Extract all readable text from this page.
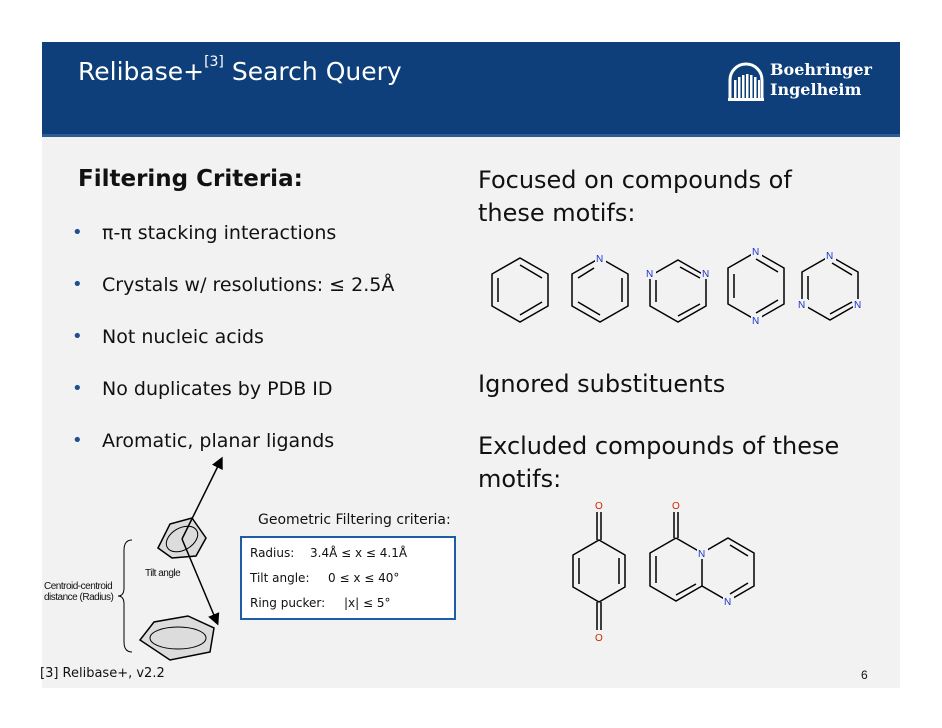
Relibase+[3] Search Query	Boehringer
Ingelheim
Filtering Criteria:
• π-π stacking interactions
• Crystals w/ resolutions: ≤ 2.5Å
• Not nucleic acids
• No duplicates by PDB ID
• Aromatic, planar ligands
Focused on compounds of these motifs:
Ignored substituents
Excluded compounds of these motifs:
N
N	N
N
N
N
N	N
O
O
O
N
N
Tilt angle
Centroid-centroid
distance (Radius)
Geometric Filtering criteria:
Radius: 3.4Å ≤ x ≤ 4.1Å
Tilt angle: 0 ≤ x ≤ 40°
Ring pucker: |x| ≤ 5°
[3] Relibase+, v2.2	6
